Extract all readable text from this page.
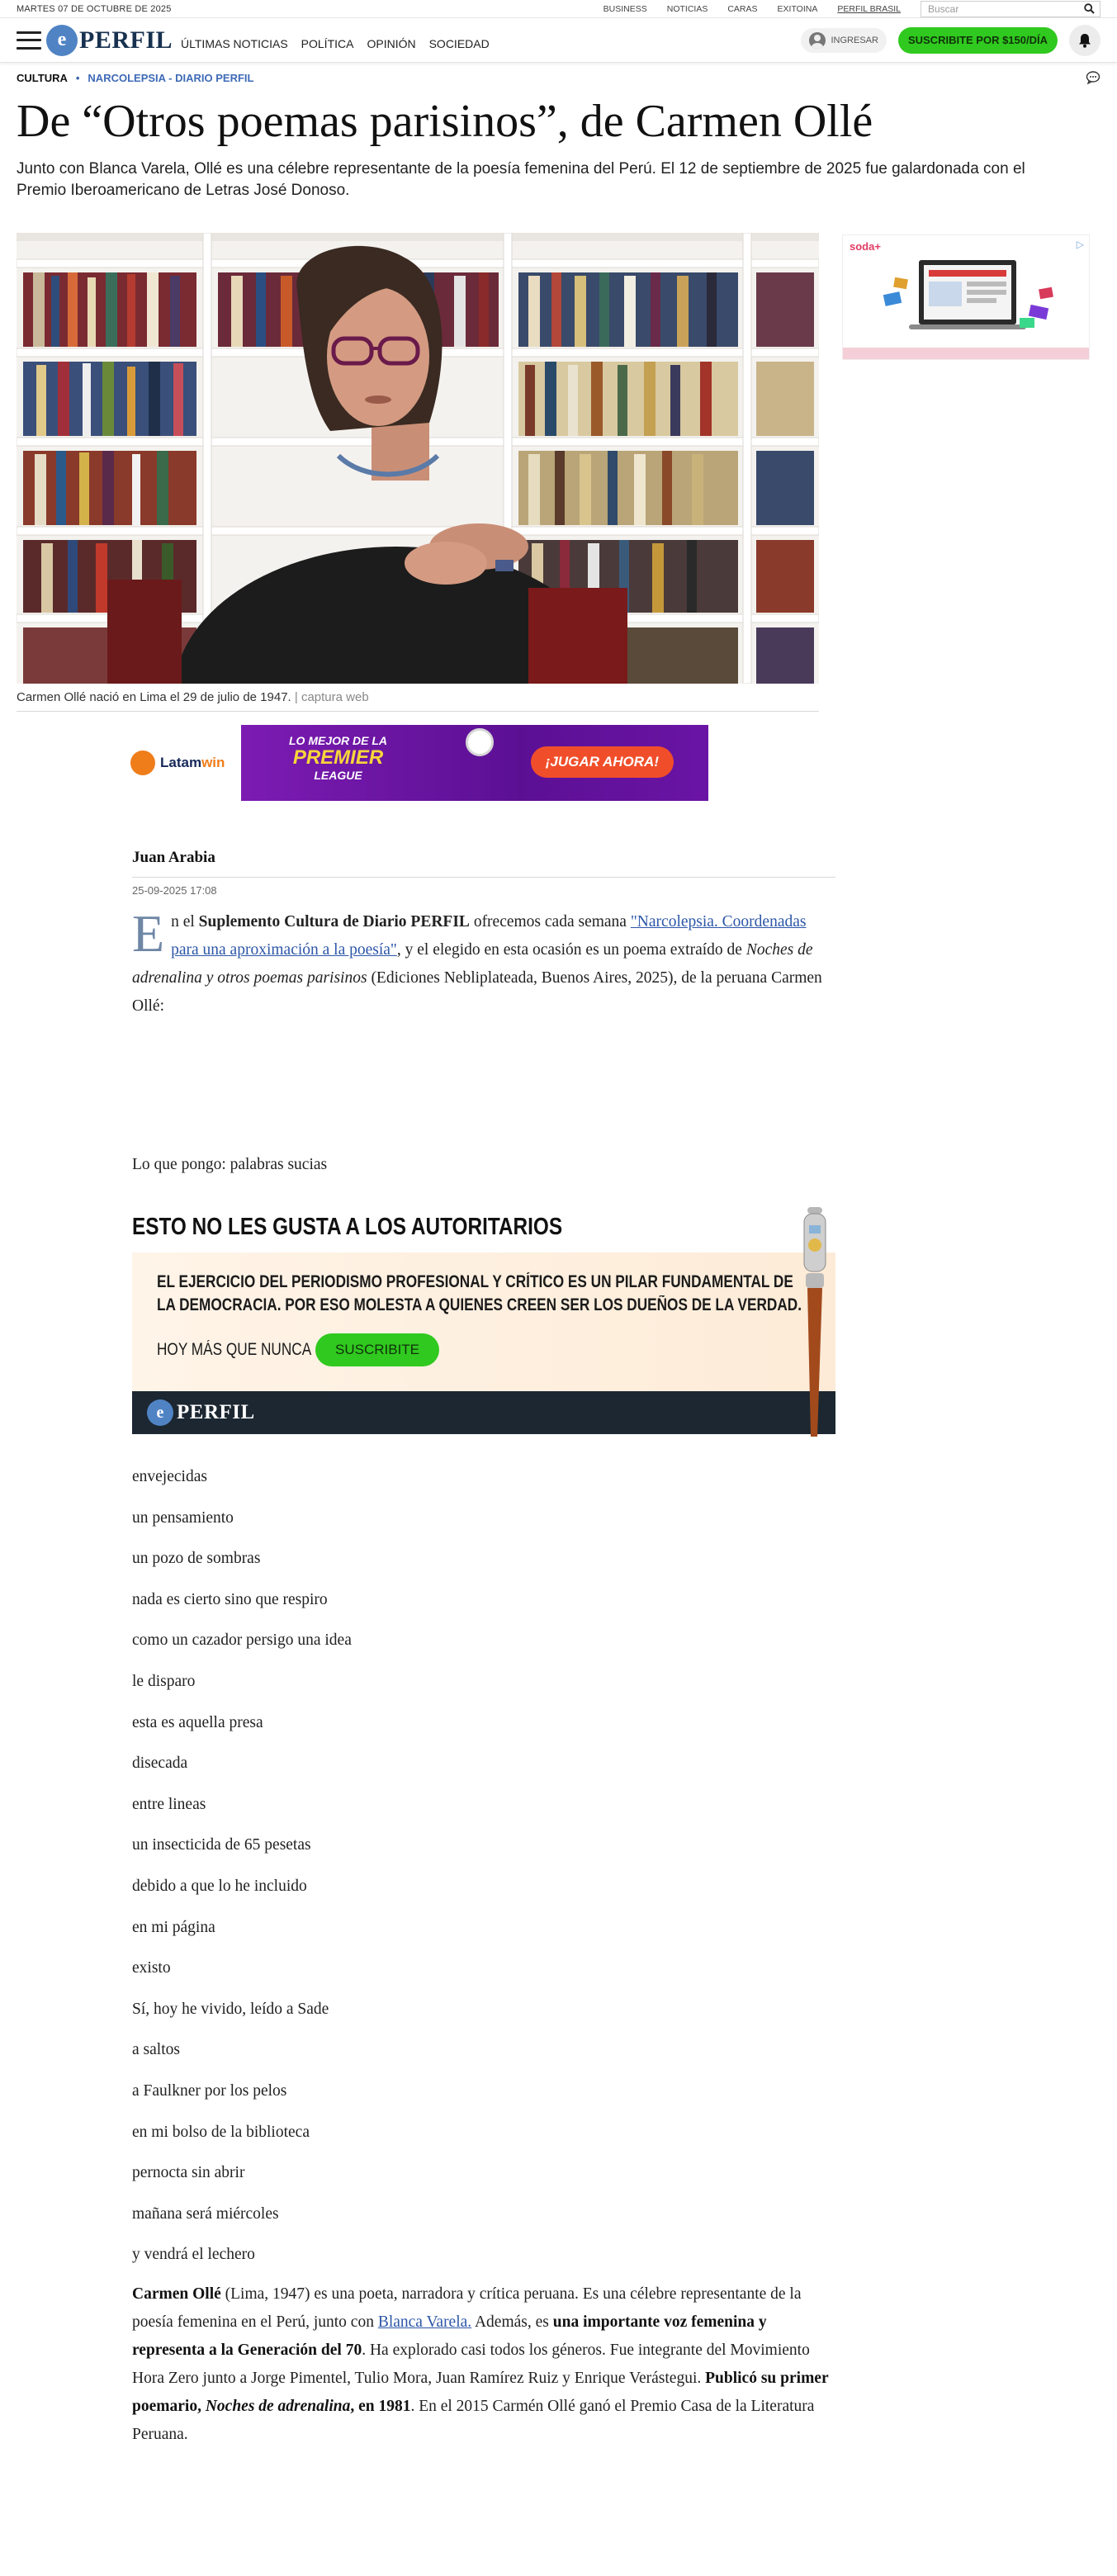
MARTES 07 DE OCTUBRE DE 2025	BUSINESS NOTICIAS CARAS EXITOINA PERFIL BRASIL	Buscar
e PERFIL ÚLTIMAS NOTICIAS POLÍTICA OPINIÓN SOCIEDAD	INGRESAR	SUSCRIBITE POR $150/DÍA
CULTURA • NARCOLEPSIA - DIARIO PERFIL
De “Otros poemas parisinos”, de Carmen Ollé

Junto con Blanca Varela, Ollé es una célebre representante de la poesía femenina del Perú. El 12 de septiembre de 2025 fue galardonada con el Premio Iberoamericano de Letras José Donoso.

Carmen Ollé nació en Lima el 29 de julio de 1947. | captura web
Latamwin
LO MEJOR DE LA
PREMIER
LEAGUE
¡JUGAR AHORA!
Juan Arabia
25-09-2025 17:08

En el Suplemento Cultura de Diario PERFIL ofrecemos cada semana "Narcolepsia. Coordenadas para una aproximación a la poesía", y el elegido en esta ocasión es un poema extraído de Noches de adrenalina y otros poemas parisinos (Ediciones Nebliplateada, Buenos Aires, 2025), de la peruana Carmen Ollé:

Lo que pongo: palabras sucias

ESTO NO LES GUSTA A LOS AUTORITARIOS
EL EJERCICIO DEL PERIODISMO PROFESIONAL Y CRÍTICO ES UN PILAR FUNDAMENTAL DE
LA DEMOCRACIA. POR ESO MOLESTA A QUIENES CREEN SER LOS DUEÑOS DE LA VERDAD.
HOY MÁS QUE NUNCA	SUSCRIBITE
e PERFIL
envejecidas
un pensamiento
un pozo de sombras
nada es cierto sino que respiro
como un cazador persigo una idea
le disparo
esta es aquella presa
disecada
entre lineas
un insecticida de 65 pesetas
debido a que lo he incluido
en mi página
existo
Sí, hoy he vivido, leído a Sade
a saltos
a Faulkner por los pelos
en mi bolso de la biblioteca
pernocta sin abrir
mañana será miércoles
y vendrá el lechero

Carmen Ollé (Lima, 1947) es una poeta, narradora y crítica peruana. Es una célebre representante de la poesía femenina en el Perú, junto con Blanca Varela. Además, es una importante voz femenina y representa a la Generación del 70. Ha explorado casi todos los géneros. Fue integrante del Movimiento Hora Zero junto a Jorge Pimentel, Tulio Mora, Juan Ramírez Ruiz y Enrique Verástegui. Publicó su primer poemario, Noches de adrenalina, en 1981. En el 2015 Carmén Ollé ganó el Premio Casa de la Literatura Peruana.

soda+	▷
